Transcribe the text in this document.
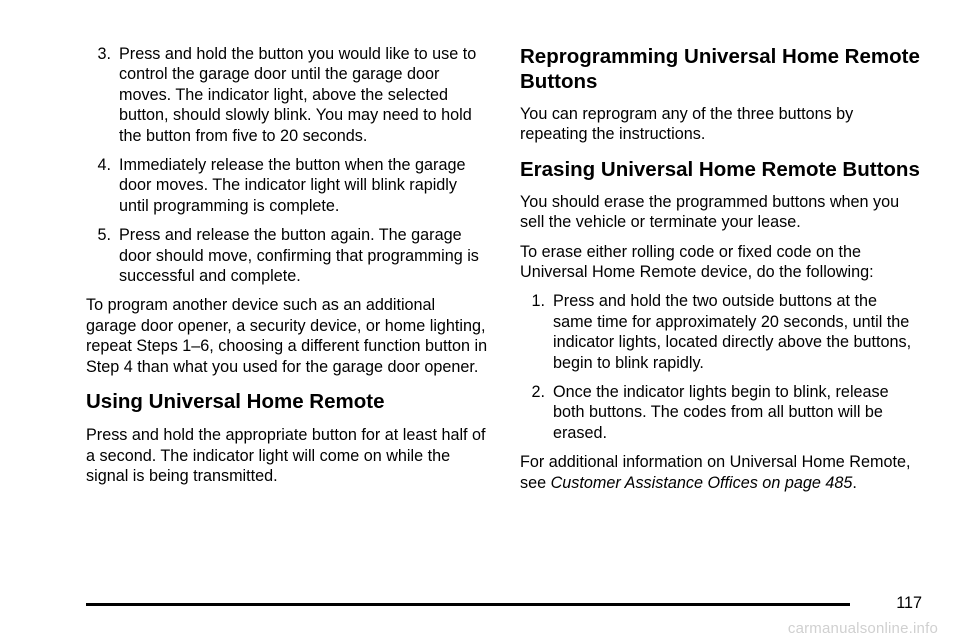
3. Press and hold the button you would like to use to control the garage door until the garage door moves. The indicator light, above the selected button, should slowly blink. You may need to hold the button from five to 20 seconds.
4. Immediately release the button when the garage door moves. The indicator light will blink rapidly until programming is complete.
5. Press and release the button again. The garage door should move, confirming that programming is successful and complete.

To program another device such as an additional garage door opener, a security device, or home lighting, repeat Steps 1–6, choosing a different function button in Step 4 than what you used for the garage door opener.

Using Universal Home Remote

Press and hold the appropriate button for at least half of a second. The indicator light will come on while the signal is being transmitted.

Reprogramming Universal Home Remote Buttons

You can reprogram any of the three buttons by repeating the instructions.

Erasing Universal Home Remote Buttons

You should erase the programmed buttons when you sell the vehicle or terminate your lease.

To erase either rolling code or fixed code on the Universal Home Remote device, do the following:

1. Press and hold the two outside buttons at the same time for approximately 20 seconds, until the indicator lights, located directly above the buttons, begin to blink rapidly.
2. Once the indicator lights begin to blink, release both buttons. The codes from all button will be erased.

For additional information on Universal Home Remote, see Customer Assistance Offices on page 485.

117
carmanualsonline.info
